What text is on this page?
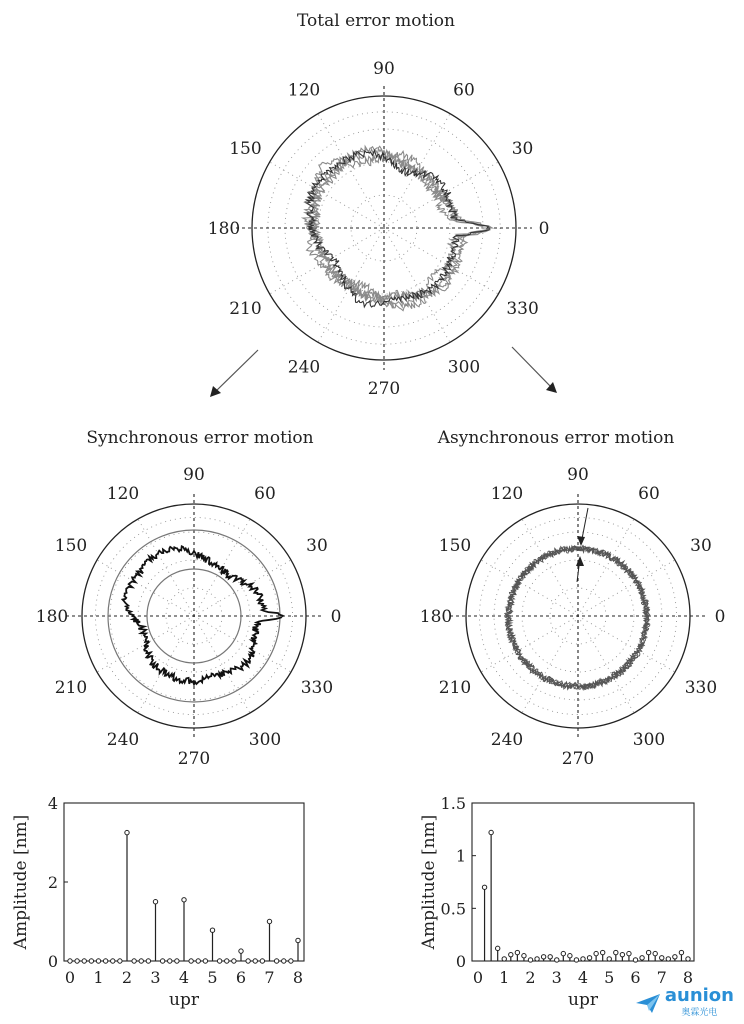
Total error motion
Synchronous error motion	Asynchronous error motion
0
30
60
90
120
150
180
210
240
270
300
330
0
30
60
90
120
150
180
210
240
270
300
330
0
30
60
90
120
150
180
210
240
270
300
330
0 1 2 3 4 5 6 7 8
0
2
4
upr
Amplitude [nm]
0 1 2 3 4 5 6 7 8
0
0.5
1
1.5
upr
Amplitude [nm]
aunion
奥霖光电
